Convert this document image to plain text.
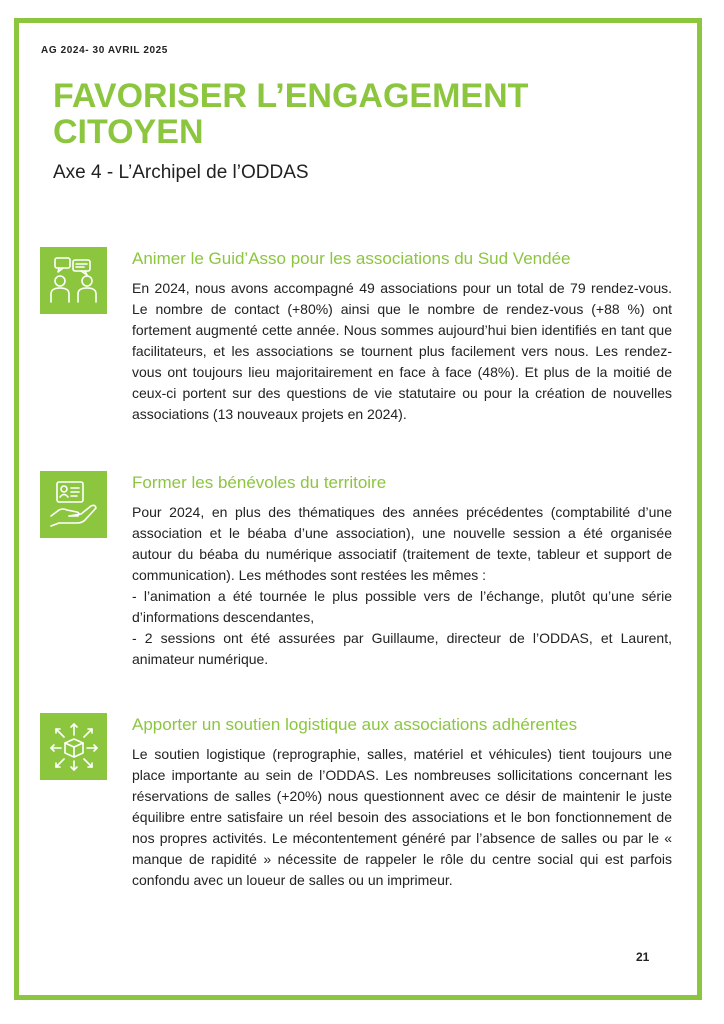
AG 2024- 30 AVRIL 2025
FAVORISER L’ENGAGEMENT
CITOYEN
Axe 4 - L’Archipel de l’ODDAS
Animer le Guid’Asso pour les associations du Sud Vendée

En 2024, nous avons accompagné 49 associations pour un total de 79 rendez-vous. Le nombre de contact (+80%) ainsi que le nombre de rendez-vous (+88 %) ont fortement augmenté cette année. Nous sommes aujourd’hui bien identifiés en tant que facilitateurs, et les associations se tournent plus facilement vers nous. Les rendez-vous ont toujours lieu majoritairement en face à face (48%). Et plus de la moitié de ceux-ci portent sur des questions de vie statutaire ou pour la création de nouvelles associations (13 nouveaux projets en 2024).

Former les bénévoles du territoire

Pour 2024, en plus des thématiques des années précédentes (comptabilité d’une association et le béaba d’une association), une nouvelle session a été organisée autour du béaba du numérique associatif (traitement de texte, tableur et support de communication). Les méthodes sont restées les mêmes :

- l’animation a été tournée le plus possible vers de l’échange, plutôt qu’une série d’informations descendantes,

- 2 sessions ont été assurées par Guillaume, directeur de l’ODDAS, et Laurent, animateur numérique.

Apporter un soutien logistique aux associations adhérentes

Le soutien logistique (reprographie, salles, matériel et véhicules) tient toujours une place importante au sein de l’ODDAS. Les nombreuses sollicitations concernant les réservations de salles (+20%) nous questionnent avec ce désir de maintenir le juste équilibre entre satisfaire un réel besoin des associations et le bon fonctionnement de nos propres activités. Le mécontentement généré par l’absence de salles ou par le « manque de rapidité » nécessite de rappeler le rôle du centre social qui est parfois confondu avec un loueur de salles ou un imprimeur.

21
